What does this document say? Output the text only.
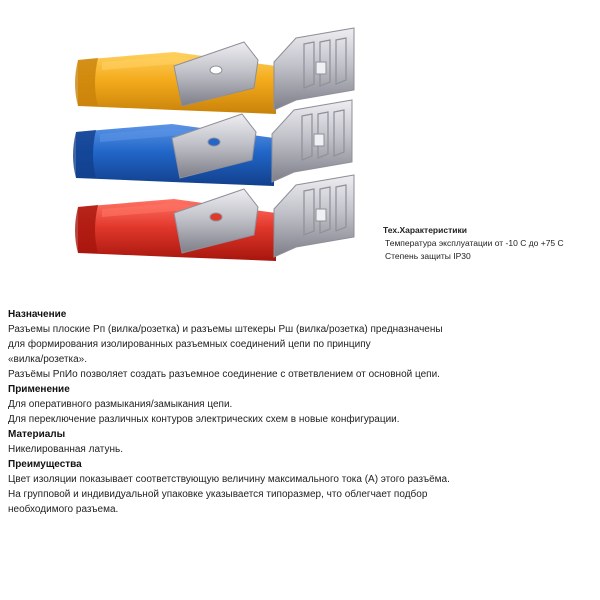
Тех.Характеристики
Температура эксплуатации от -10 С до +75 С
Степень защиты IP30
Назначение

Разъемы плоские Рп (вилка/розетка) и разъемы штекеры Рш (вилка/розетка) предназначены

для формирования изолированных разъемных соединений цепи по принципу

«вилка/розетка».

Разъёмы РпИо позволяет создать разъемное соединение с ответвлением от основной цепи.

Применение

Для оперативного размыкания/замыкания цепи.

Для переключение различных контуров электрических схем в новые конфигурации.

Материалы

Никелированная латунь.

Преимущества

Цвет изоляции показывает соответствующую величину максимального тока (А) этого разъёма.

На групповой и индивидуальной упаковке указывается типоразмер, что облегчает подбор

необходимого разъема.
